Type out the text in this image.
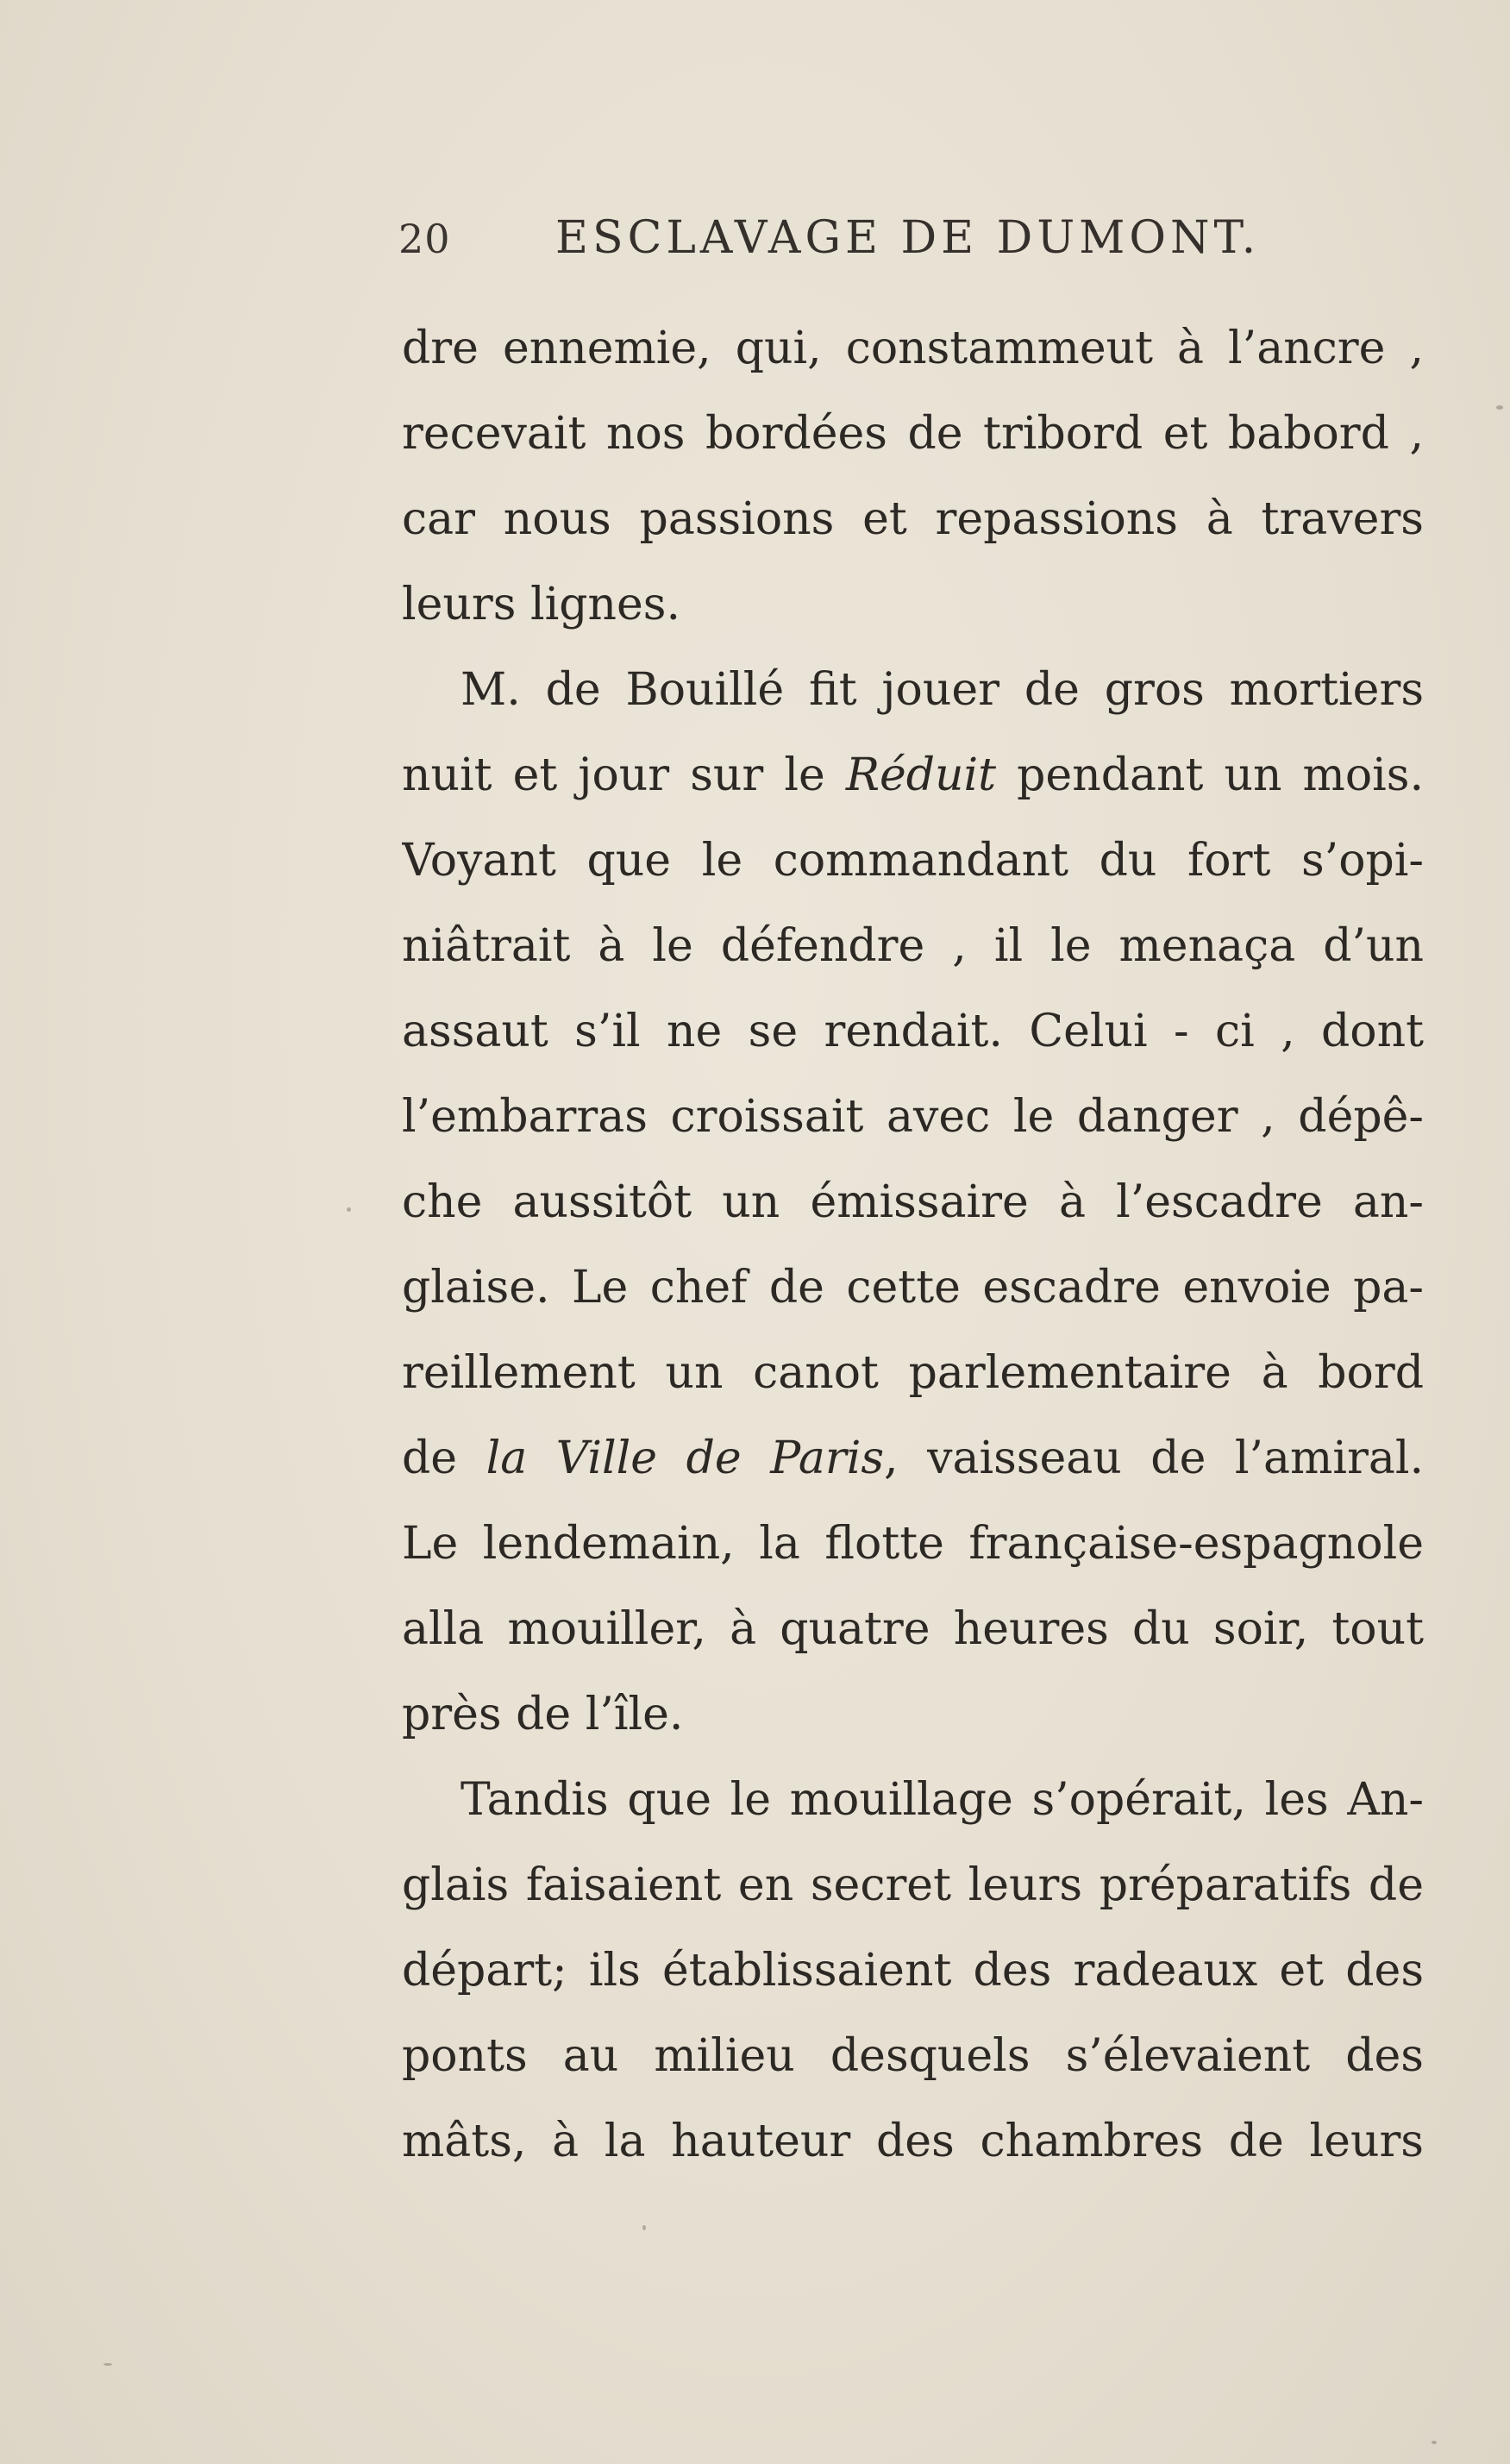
20 ESCLAVAGE DE DUMONT.
dre ennemie, qui, constammeut à l’ancre ,
recevait nos bordées de tribord et babord ,
car nous passions et repassions à travers
leurs lignes.
M. de Bouillé fit jouer de gros mortiers
nuit et jour sur le Réduit pendant un mois.
Voyant que le commandant du fort s’opi-
niâtrait à le défendre , il le menaça d’un
assaut s’il ne se rendait. Celui - ci , dont
l’embarras croissait avec le danger , dépê-
che aussitôt un émissaire à l’escadre an-
glaise. Le chef de cette escadre envoie pa-
reillement un canot parlementaire à bord
de la Ville de Paris, vaisseau de l’amiral.
Le lendemain, la flotte française-espagnole
alla mouiller, à quatre heures du soir, tout
près de l’île.
Tandis que le mouillage s’opérait, les An-
glais faisaient en secret leurs préparatifs de
départ; ils établissaient des radeaux et des
ponts au milieu desquels s’élevaient des
mâts, à la hauteur des chambres de leurs
